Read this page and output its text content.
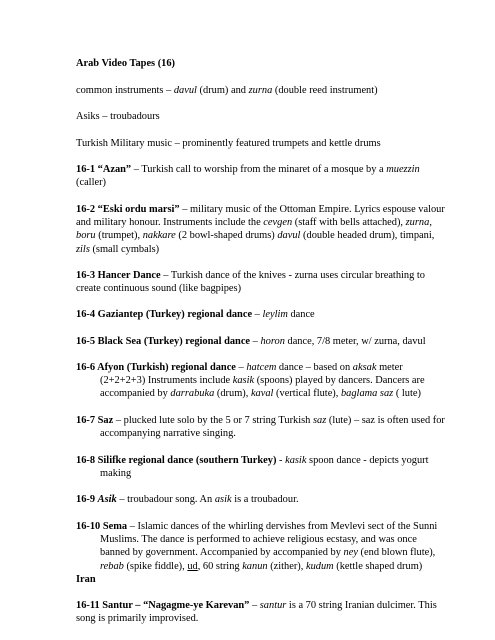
Arab Video Tapes (16)

common instruments – davul (drum) and zurna (double reed instrument)

Asiks – troubadours

Turkish Military music – prominently featured trumpets and kettle drums

16-1 “Azan” – Turkish call to worship from the minaret of a mosque by a muezzin
(caller)
16-2 “Eski ordu marsi” – military music of the Ottoman Empire. Lyrics espouse valour
and military honour. Instruments include the cevgen (staff with bells attached), zurna,
boru (trumpet), nakkare (2 bowl-shaped drums) davul (double headed drum), timpani,
zils (small cymbals)
16-3 Hancer Dance – Turkish dance of the knives - zurna uses circular breathing to
create continuous sound (like bagpipes)
16-4 Gaziantep (Turkey) regional dance – leylim dance
16-5 Black Sea (Turkey) regional dance – horon dance, 7/8 meter, w/ zurna, davul
16-6 Afyon (Turkish) regional dance – hatcem dance – based on aksak meter
(2+2+2+3) Instruments include kasik (spoons) played by dancers. Dancers are
accompanied by darrabuka (drum), kaval (vertical flute), baglama saz ( lute)
16-7 Saz – plucked lute solo by the 5 or 7 string Turkish saz (lute) – saz is often used for
accompanying narrative singing.
16-8 Silifke regional dance (southern Turkey) - kasik spoon dance - depicts yogurt
making
16-9 Asik – troubadour song. An asik is a troubadour.
16-10 Sema – Islamic dances of the whirling dervishes from Mevlevi sect of the Sunni
Muslims. The dance is performed to achieve religious ecstasy, and was once
banned by government. Accompanied by accompanied by ney (end blown flute),
rebab (spike fiddle), ud, 60 string kanun (zither), kudum (kettle shaped drum)
Iran
16-11 Santur – “Nagagme-ye Karevan” – santur is a 70 string Iranian dulcimer. This
song is primarily improvised.
